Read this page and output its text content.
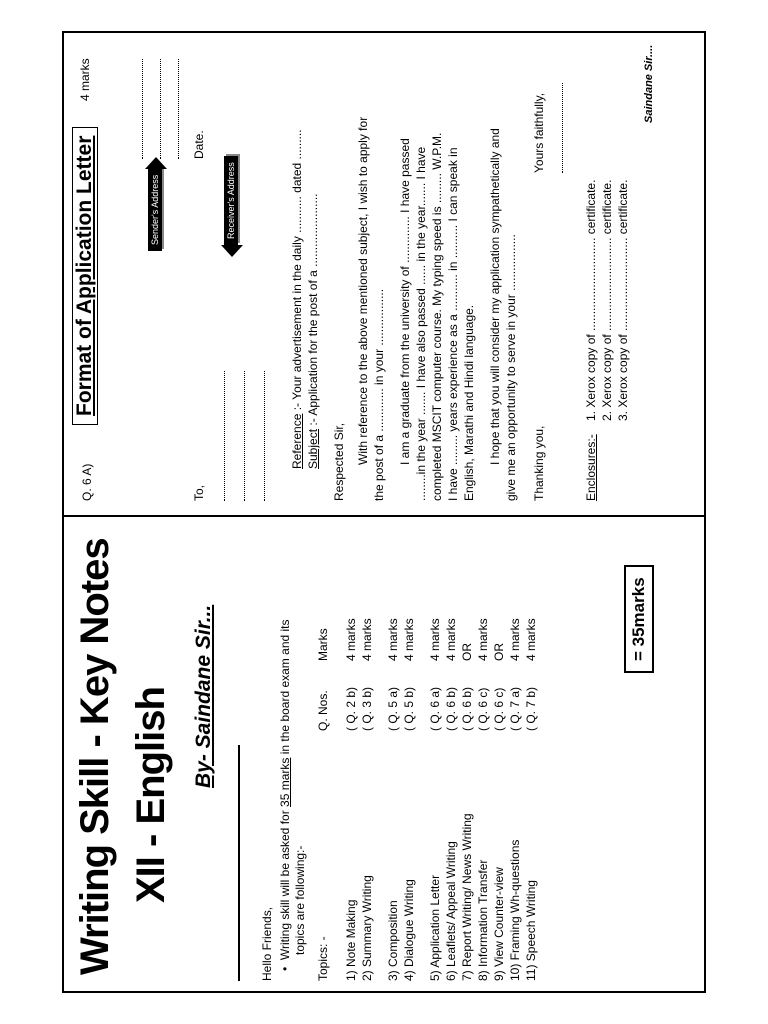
Writing Skill - Key Notes XII - English By- Saindane Sir...
Hello Friends, •  Writing skill will be asked for 35 marks in the board exam and its
topics are following:-
Topics: -
Q. Nos.
Marks
1) Note Making
( Q. 2 b)
4 marks
2) Summary Writing
( Q. 3 b)
4 marks
3) Composition
( Q. 5 a)
4 marks
4) Dialogue Writing
( Q. 5 b)
4 marks
5) Application Letter
( Q. 6 a)
4 marks
6) Leaflets/ Appeal Writing
( Q. 6 b)
4 marks
7) Report Writing/ News Writing
( Q. 6 b)
OR
8) Information Transfer
( Q. 6 c)
4 marks
9) View Counter-view
( Q. 6 c)
OR
10) Framing Wh-questions
( Q. 7 a)
4 marks
11) Speech Writing
( Q. 7 b)
4 marks	= 35marks
Q. 6 A)
Format of Application Letter
4 marks
Date.
Sender's Address	Receiver's Address
To,
Reference :- Your advertisement in the daily ........... dated .........
Subject :- Application for the post of a ......................
Respected Sir, With reference to the above mentioned subject, I wish to apply for the post of a ............. in your ................. I am a graduate from the university of .............. I have passed ........in the year ....... I have also passed ...... in the year....... I have completed MSCIT computer course. My typing speed is ......... W.P.M. I have ......... years experience as a ........... in .......... I can speak in English, Marathi and Hindi language. I hope that you will consider my application sympathetically and give me an opportunity to serve in your ................. Thanking you,
Yours faithfully,
Enclosures:-
1. Xerox copy of ............................ certificate. 2. Xerox copy of ............................ certificate. 3. Xerox copy of ............................ certificate.
Saindane Sir....
